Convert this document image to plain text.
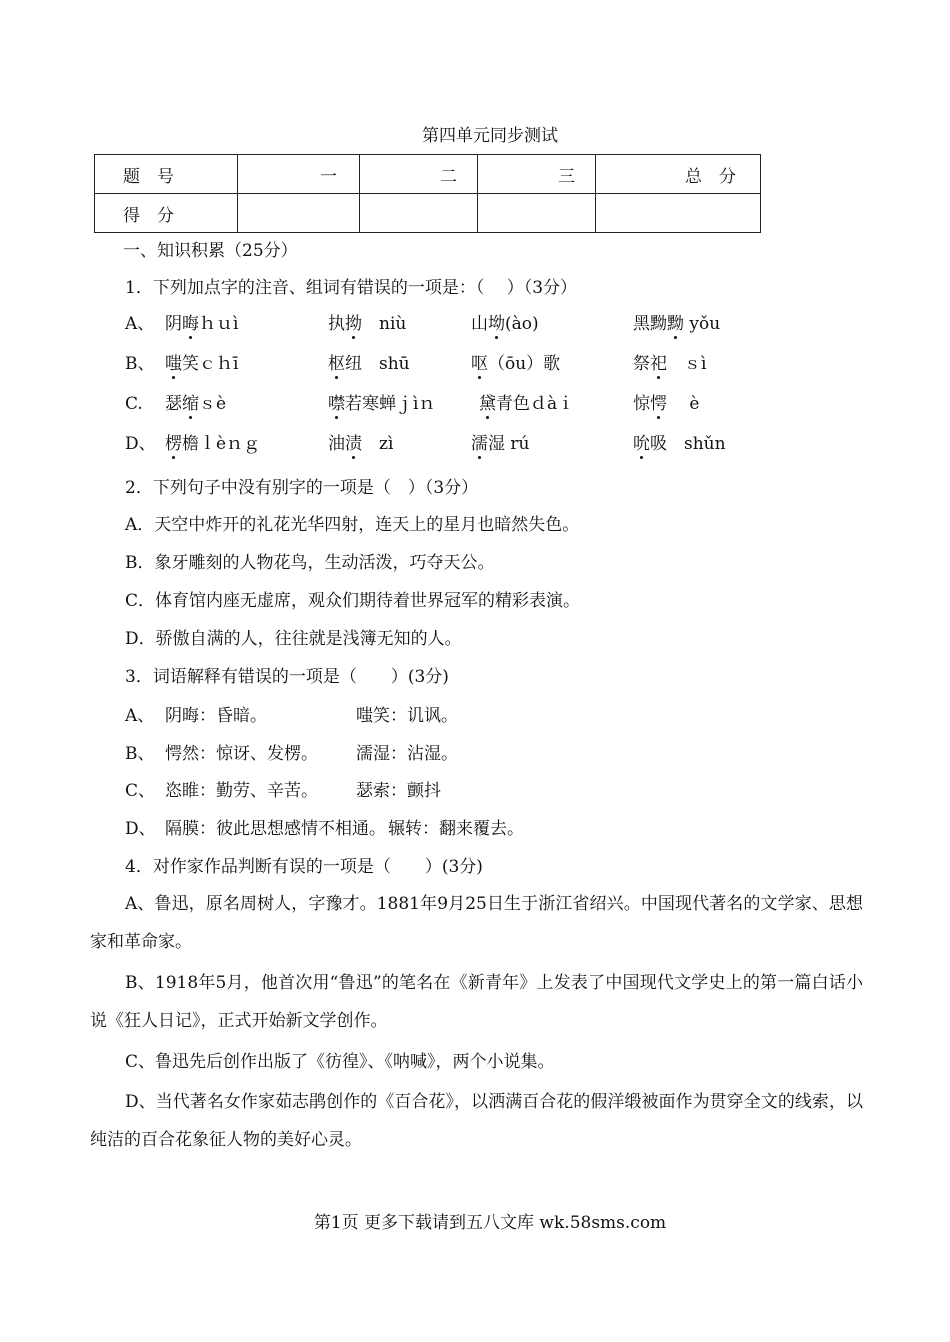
第四单元同步测试
题　号	一	二	三	总　分
得　分				
一、知识积累（25分）
1．下列加点字的注音、组词有错误的一项是：（　 ）（3分）
A、 阴晦ｈｕì	执拗　niù	山坳(ào)	黑黝黝 yǒu
B、 嗤笑ｃｈī	枢纽　shū	呕（ōu）歌	祭祀　ｓì
C. 瑟缩ｓè	噤若寒蝉ｊìｎ	黛青色ｄàｉ	惊愕　 è
D、 楞檐ｌèｎｇ	油渍　zì	濡湿 rú	吮吸　shǔn
2．下列句子中没有别字的一项是（　）（3分）
A．天空中炸开的礼花光华四射，连天上的星月也暗然失色。
B．象牙雕刻的人物花鸟，生动活泼，巧夺天公。
C．体育馆内座无虚席，观众们期待着世界冠军的精彩表演。
D．骄傲自满的人，往往就是浅簿无知的人。
3．词语解释有错误的一项是（　　）(3分)
A、 阴晦：昏暗。	嗤笑：讥讽。
B、 愕然：惊讶、发楞。 濡湿：沾湿。
C、 恣睢：勤劳、辛苦。 瑟索：颤抖
D、 隔膜：彼此思想感情不相通。 辗转：翻来覆去。
4．对作家作品判断有误的一项是（　　）(3分)
A、鲁迅，原名周树人，字豫才。1881年9月25日生于浙江省绍兴。中国现代著名的文学家、思想家和革命家。
B、1918年5月，他首次用“鲁迅”的笔名在《新青年》上发表了中国现代文学史上的第一篇白话小说《狂人日记》，正式开始新文学创作。
C、鲁迅先后创作出版了《彷徨》、《呐喊》，两个小说集。
D、当代著名女作家茹志鹃创作的《百合花》，以洒满百合花的假洋缎被面作为贯穿全文的线索，以纯洁的百合花象征人物的美好心灵。
第1页 更多下载请到五八文库 wk.58sms.com
